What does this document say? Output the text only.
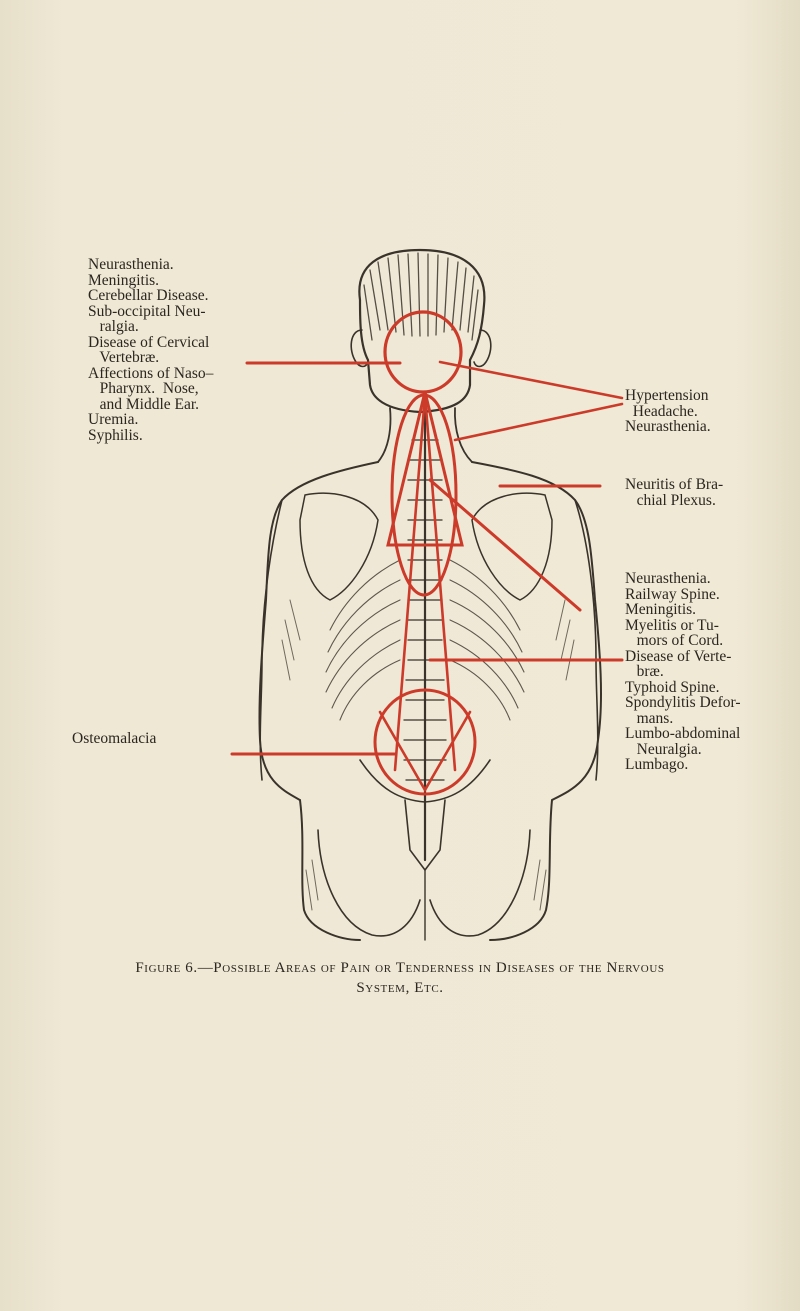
Neurasthenia.
Meningitis.
Cerebellar Disease.
Sub-occipital Neu-
ralgia.
Disease of Cervical
Vertebræ.
Affections of Naso–
Pharynx.  Nose,
and Middle Ear.
Uremia.
Syphilis.
Osteomalacia
Hypertension
Headache.
Neurasthenia.
Neuritis of Bra-
chial Plexus.
Neurasthenia.
Railway Spine.
Meningitis.
Myelitis or Tu-
mors of Cord.
Disease of Verte-
bræ.
Typhoid Spine.
Spondylitis Defor-
mans.
Lumbo-abdominal
Neuralgia.
Lumbago.
Figure 6.—Possible Areas of Pain or Tenderness in Diseases of the Nervous
System, Etc.
